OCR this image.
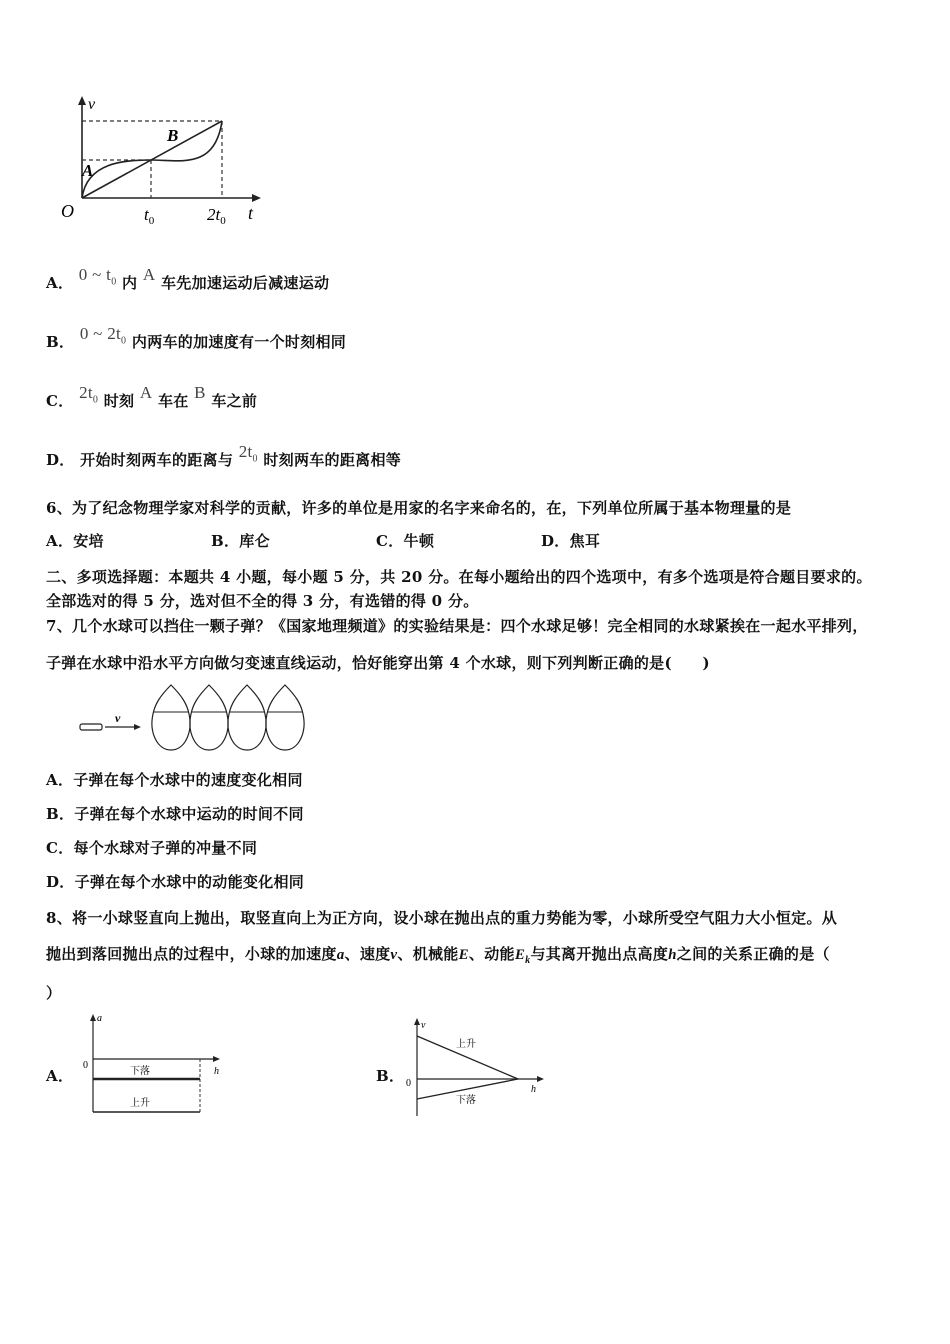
v
t
O
A
B
$t_0$	$2t_0$
A． 0 ~ $t_0$ 内 A 车先加速运动后减速运动
B． 0 ~ $2t_0$ 内两车的加速度有一个时刻相同
C． $2t_0$ 时刻 A 车在 B 车之前
D． 开始时刻两车的距离与 $2t_0$ 时刻两车的距离相等
6、为了纪念物理学家对科学的贡献，许多的单位是用家的名字来命名的，在，下列单位所属于基本物理量的是
A．安培	B．库仑	C．牛顿	D．焦耳
二、多项选择题：本题共 4 小题，每小题 5 分，共 20 分。在每小题给出的四个选项中，有多个选项是符合题目要求的。
全部选对的得 5 分，选对但不全的得 3 分，有选错的得 0 分。
7、几个水球可以挡住一颗子弹？《国家地理频道》的实验结果是：四个水球足够！完全相同的水球紧挨在一起水平排列，
子弹在水球中沿水平方向做匀变速直线运动，恰好能穿出第 4 个水球，则下列判断正确的是(　　)
v
A．子弹在每个水球中的速度变化相同
B．子弹在每个水球中运动的时间不同
C．每个水球对子弹的冲量不同
D．子弹在每个水球中的动能变化相同
8、将一小球竖直向上抛出，取竖直向上为正方向，设小球在抛出点的重力势能为零，小球所受空气阻力大小恒定。从
抛出到落回抛出点的过程中，小球的加速度a、速度v、机械能E、动能$E_k$与其离开抛出点高度h之间的关系正确的是（
）
A．
a
h
0
下落
上升
B．
v
h
0
上升
下落
